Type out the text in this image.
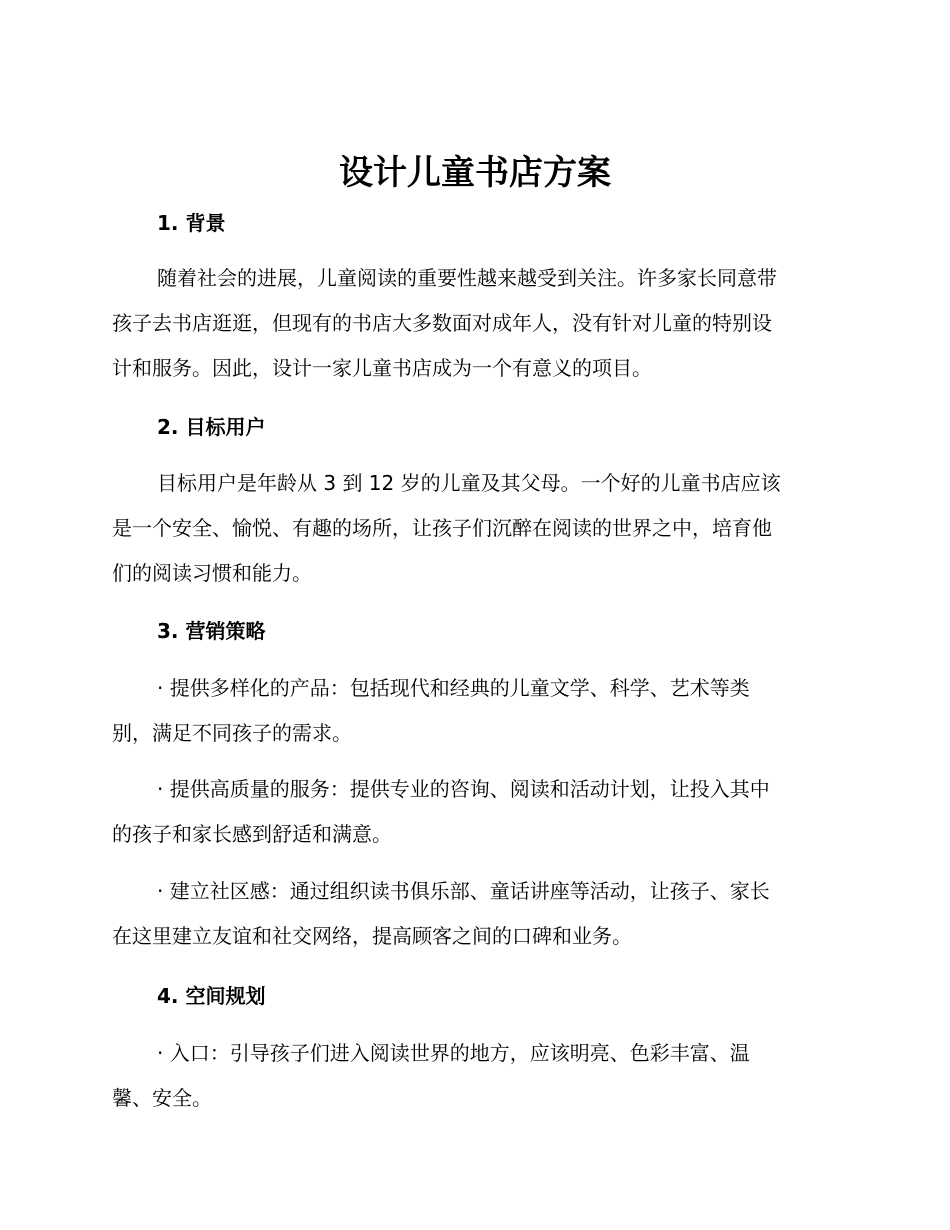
设计儿童书店方案
1. 背景

随着社会的进展，儿童阅读的重要性越来越受到关注。许多家长同意带
孩子去书店逛逛，但现有的书店大多数面对成年人，没有针对儿童的特别设
计和服务。因此，设计一家儿童书店成为一个有意义的项目。

2. 目标用户

目标用户是年龄从 3 到 12 岁的儿童及其父母。一个好的儿童书店应该
是一个安全、愉悦、有趣的场所，让孩子们沉醉在阅读的世界之中，培育他
们的阅读习惯和能力。

3. 营销策略

· 提供多样化的产品：包括现代和经典的儿童文学、科学、艺术等类
别，满足不同孩子的需求。

· 提供高质量的服务：提供专业的咨询、阅读和活动计划，让投入其中
的孩子和家长感到舒适和满意。

· 建立社区感：通过组织读书俱乐部、童话讲座等活动，让孩子、家长
在这里建立友谊和社交网络，提高顾客之间的口碑和业务。

4. 空间规划

· 入口：引导孩子们进入阅读世界的地方，应该明亮、色彩丰富、温
馨、安全。
